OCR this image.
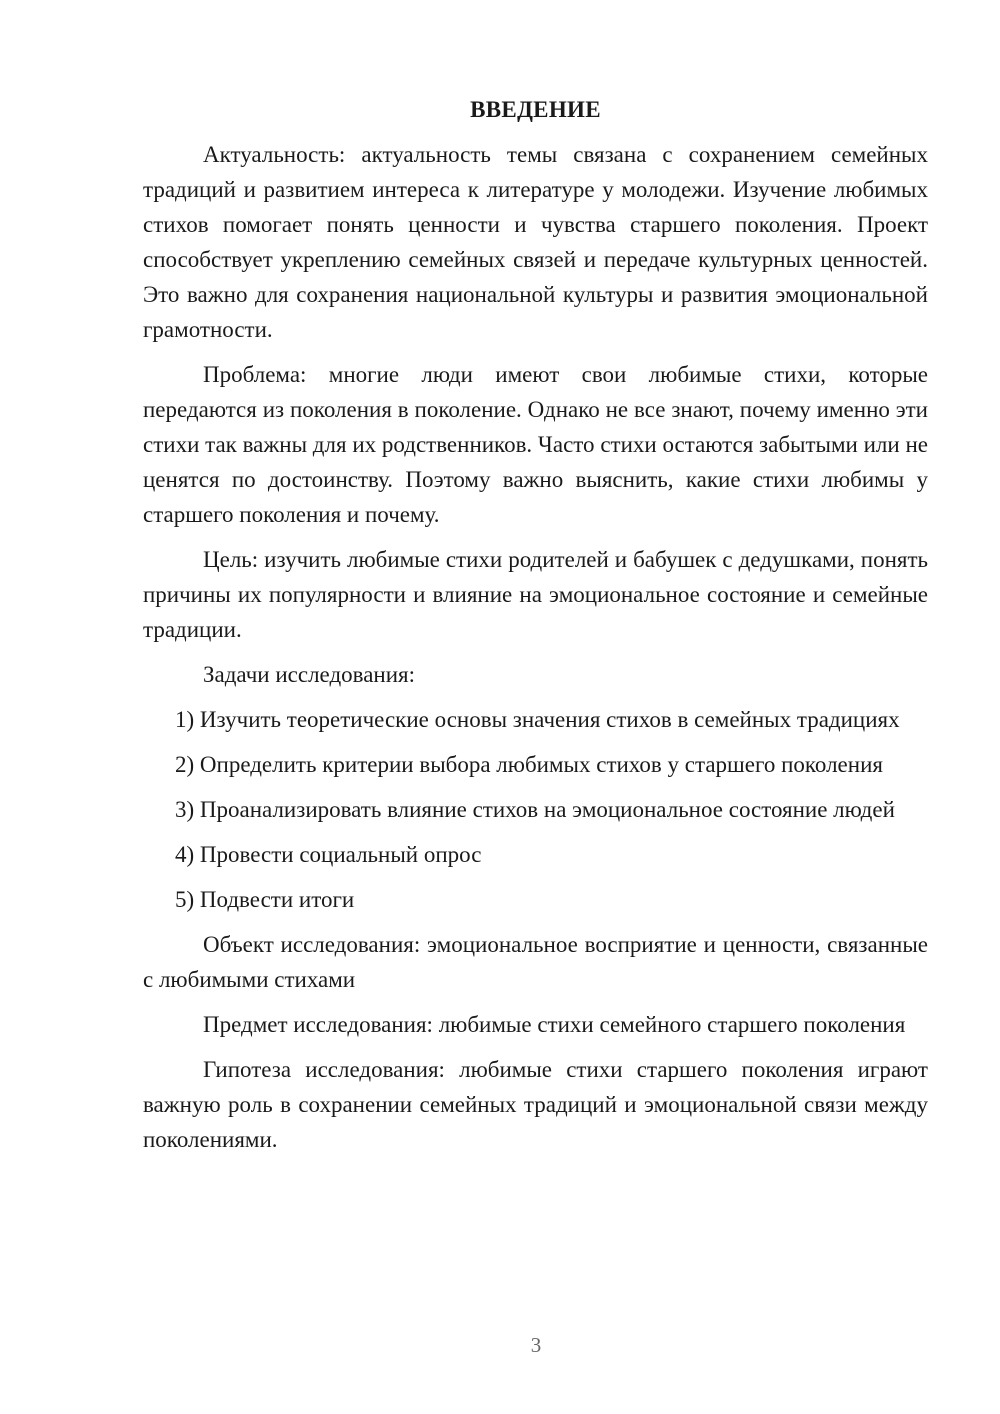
ВВЕДЕНИЕ

Актуальность: актуальность темы связана с сохранением семейных традиций и развитием интереса к литературе у молодежи. Изучение любимых стихов помогает понять ценности и чувства старшего поколения. Проект способствует укреплению семейных связей и передаче культурных ценностей. Это важно для сохранения национальной культуры и развития эмоциональной грамотности.

Проблема: многие люди имеют свои любимые стихи, которые передаются из поколения в поколение. Однако не все знают, почему именно эти стихи так важны для их родственников. Часто стихи остаются забытыми или не ценятся по достоинству. Поэтому важно выяснить, какие стихи любимы у старшего поколения и почему.

Цель: изучить любимые стихи родителей и бабушек с дедушками, понять причины их популярности и влияние на эмоциональное состояние и семейные традиции.

Задачи исследования:

1) Изучить теоретические основы значения стихов в семейных традициях

2) Определить критерии выбора любимых стихов у старшего поколения

3) Проанализировать влияние стихов на эмоциональное состояние людей

4) Провести социальный опрос

5) Подвести итоги

Объект исследования: эмоциональное восприятие и ценности, связанные с любимыми стихами

Предмет исследования: любимые стихи семейного старшего поколения

Гипотеза исследования: любимые стихи старшего поколения играют важную роль в сохранении семейных традиций и эмоциональной связи между поколениями.

3
